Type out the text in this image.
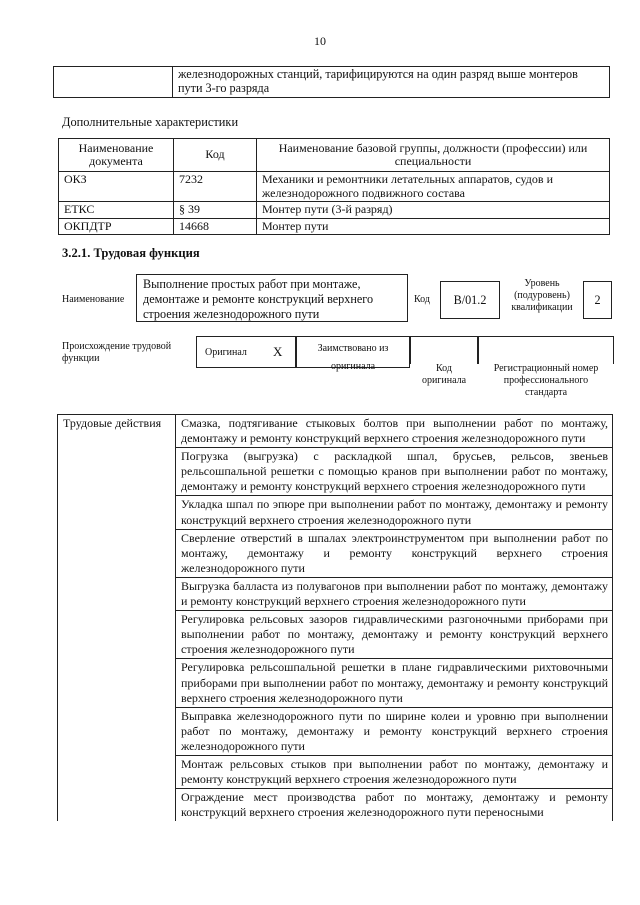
10
	железнодорожных станций, тарифицируются на один разряд выше монтеров пути 3-го разряда
Дополнительные характеристики
Наименование документа	Код	Наименование базовой группы, должности (профессии) или специальности
ОКЗ	7232	Механики и ремонтники летательных аппаратов, судов и железнодорожного подвижного состава
ЕТКС	§ 39	Монтер пути (3-й разряд)
ОКПДТР	14668	Монтер пути
3.2.1. Трудовая функция
Наименование
Выполнение простых работ при монтаже, демонтаже и ремонте конструкций верхнего строения железнодорожного пути
Код	B/01.2
Уровень (подуровень) квалификации
2
Происхождение трудовой функции
Оригинал Х	Заимствовано из оригинала	Код оригинала
Регистрационный номер профессионального стандарта
Трудовые действия	Смазка, подтягивание стыковых болтов при выполнении работ по монтажу, демонтажу и ремонту конструкций верхнего строения железнодорожного пути
Погрузка (выгрузка) с раскладкой шпал, брусьев, рельсов, звеньев рельсошпальной решетки с помощью кранов при выполнении работ по монтажу, демонтажу и ремонту конструкций верхнего строения железнодорожного пути
Укладка шпал по эпюре при выполнении работ по монтажу, демонтажу и ремонту конструкций верхнего строения железнодорожного пути
Сверление отверстий в шпалах электроинструментом при выполнении работ по монтажу, демонтажу и ремонту конструкций верхнего строения железнодорожного пути
Выгрузка балласта из полувагонов при выполнении работ по монтажу, демонтажу и ремонту конструкций верхнего строения железнодорожного пути
Регулировка рельсовых зазоров гидравлическими разгоночными приборами при выполнении работ по монтажу, демонтажу и ремонту конструкций верхнего строения железнодорожного пути
Регулировка рельсошпальной решетки в плане гидравлическими рихтовочными приборами при выполнении работ по монтажу, демонтажу и ремонту конструкций верхнего строения железнодорожного пути
Выправка железнодорожного пути по ширине колеи и уровню при выполнении работ по монтажу, демонтажу и ремонту конструкций верхнего строения железнодорожного пути
Монтаж рельсовых стыков при выполнении работ по монтажу, демонтажу и ремонту конструкций верхнего строения железнодорожного пути
Ограждение мест производства работ по монтажу, демонтажу и ремонту конструкций верхнего строения железнодорожного пути переносными
